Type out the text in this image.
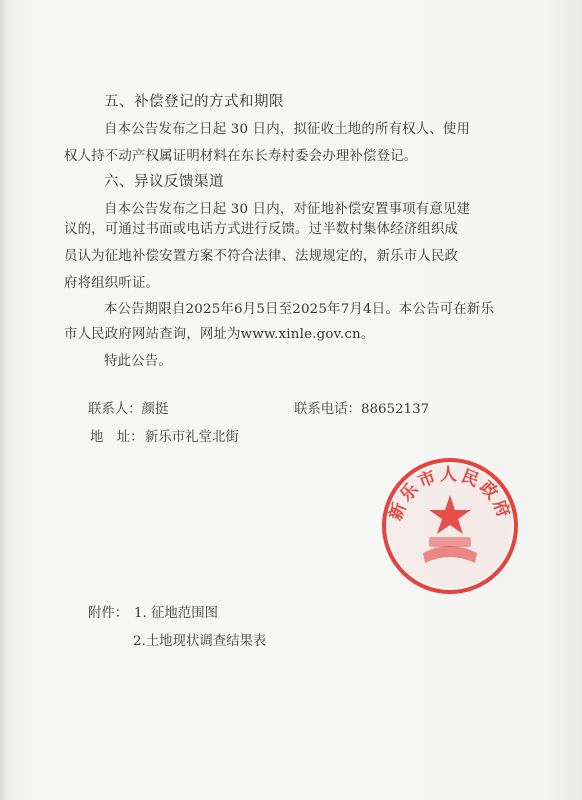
五、补偿登记的方式和期限
自本公告发布之日起 30 日内，拟征收土地的所有权人、使用
权人持不动产权属证明材料在东长寿村委会办理补偿登记。
六、异议反馈渠道
自本公告发布之日起 30 日内，对征地补偿安置事项有意见建
议的，可通过书面或电话方式进行反馈。过半数村集体经济组织成
员认为征地补偿安置方案不符合法律、法规规定的，新乐市人民政
府将组织听证。
本公告期限自2025年6月5日至2025年7月4日。本公告可在新乐
市人民政府网站查询，网址为www.xinle.gov.cn。
特此公告。
联系人：颜挺	联系电话：88652137
地　址： 新乐市礼堂北街
新乐市人民政府
附件： 1. 征地范围图
2.土地现状调查结果表
